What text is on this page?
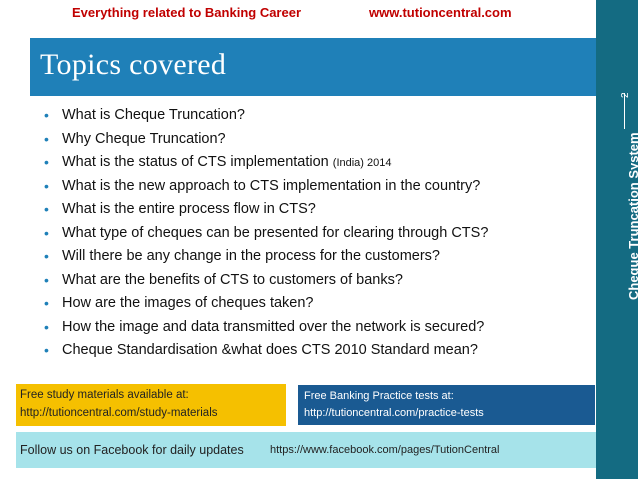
Everything related to Banking Career	www.tutioncentral.com
Topics covered
Cheque Truncation System
2
• What is Cheque Truncation?
• Why Cheque Truncation?
• What is the status of CTS implementation (India) 2014
• What is the new approach to CTS implementation in the country?
• What is the entire process flow in CTS?
• What type of cheques can be presented for clearing through CTS?
• Will there be any change in the process for the customers?
• What are the benefits of CTS to customers of banks?
• How are the images of cheques taken?
• How the image and data transmitted over the network is secured?
• Cheque Standardisation &what does CTS 2010 Standard mean?
Free study materials available at:
http://tutioncentral.com/study-materials
Free Banking Practice tests at:
http://tutioncentral.com/practice-tests
Follow us on Facebook for daily updates https://www.facebook.com/pages/TutionCentral
